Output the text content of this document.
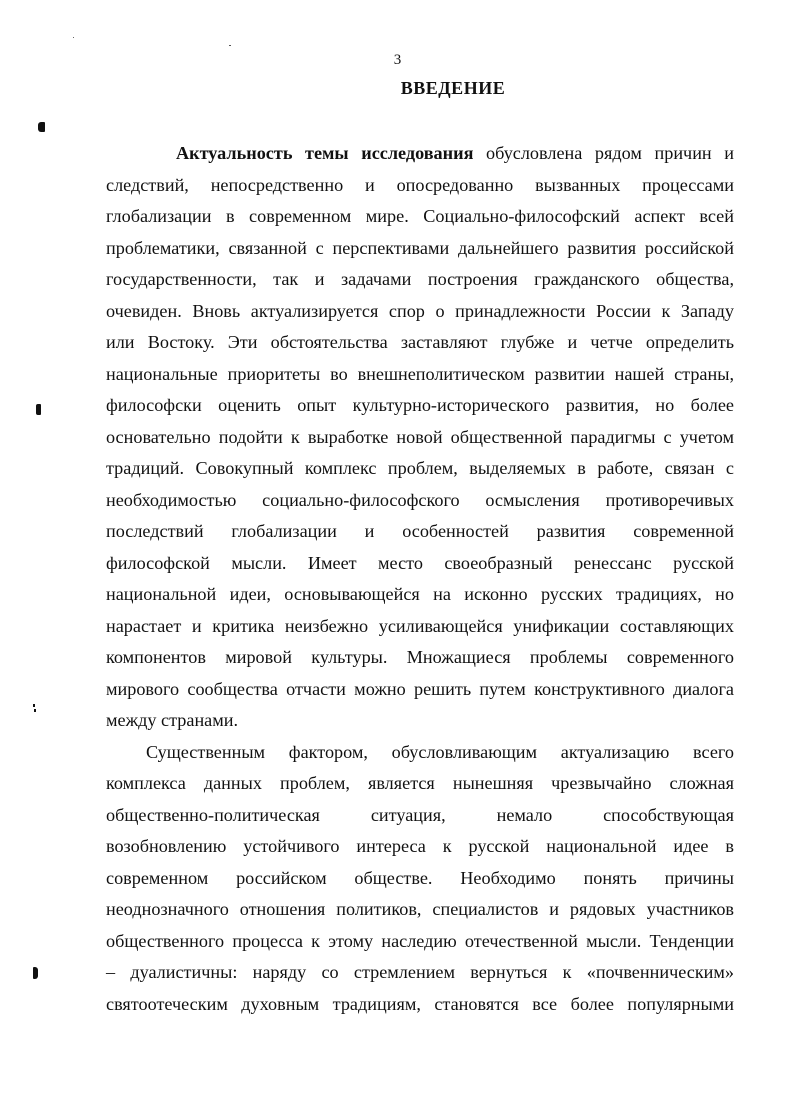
3
ВВЕДЕНИЕ
Актуальность темы исследования обусловлена рядом причин и
следствий, непосредственно и опосредованно вызванных процессами
глобализации в современном мире. Социально-философский аспект всей
проблематики, связанной с перспективами дальнейшего развития российской
государственности, так и задачами построения гражданского общества,
очевиден. Вновь актуализируется спор о принадлежности России к Западу
или Востоку. Эти обстоятельства заставляют глубже и четче определить
национальные приоритеты во внешнеполитическом развитии нашей страны,
философски оценить опыт культурно-исторического развития, но более
основательно подойти к выработке новой общественной парадигмы с учетом
традиций. Совокупный комплекс проблем, выделяемых в работе, связан с
необходимостью социально-философского осмысления противоречивых
последствий глобализации и особенностей развития современной
философской мысли. Имеет место своеобразный ренессанс русской
национальной идеи, основывающейся на исконно русских традициях, но
нарастает и критика неизбежно усиливающейся унификации составляющих
компонентов мировой культуры. Множащиеся проблемы современного
мирового сообщества отчасти можно решить путем конструктивного диалога
между странами.
Существенным фактором, обусловливающим актуализацию всего
комплекса данных проблем, является нынешняя чрезвычайно сложная
общественно-политическая ситуация, немало способствующая
возобновлению устойчивого интереса к русской национальной идее в
современном российском обществе. Необходимо понять причины
неоднозначного отношения политиков, специалистов и рядовых участников
общественного процесса к этому наследию отечественной мысли. Тенденции
– дуалистичны: наряду со стремлением вернуться к «почвенническим»
святоотеческим духовным традициям, становятся все более популярными
